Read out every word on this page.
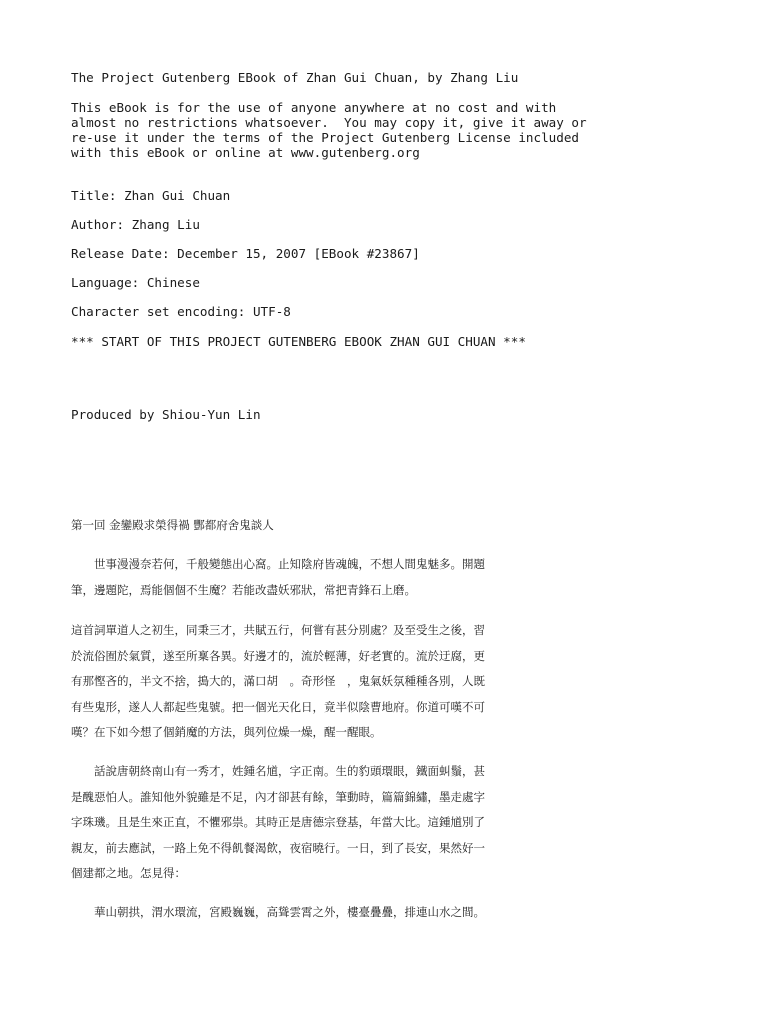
The Project Gutenberg EBook of Zhan Gui Chuan, by Zhang Liu
This eBook is for the use of anyone anywhere at no cost and with
almost no restrictions whatsoever.  You may copy it, give it away or
re-use it under the terms of the Project Gutenberg License included
with this eBook or online at www.gutenberg.org
Title: Zhan Gui Chuan
Author: Zhang Liu
Release Date: December 15, 2007 [EBook #23867]
Language: Chinese
Character set encoding: UTF-8
*** START OF THIS PROJECT GUTENBERG EBOOK ZHAN GUI CHUAN ***
Produced by Shiou-Yun Lin
第一回 金鑾殿求榮得禍 酆都府舍鬼談人
　　世事漫漫奈若何，千般變態出心窩。止知陰府皆魂魄，不想人間鬼魅多。開題
筆，邊題陀，焉能個個不生魔？若能改盡妖邪狀，常把青鋒石上磨。
這首詞單道人之初生，同秉三才，共賦五行，何嘗有甚分別處？及至受生之後，習
於流俗囿於氣質，遂至所稟各異。好邊才的，流於輕薄，好老實的。流於迂腐，更
有那慳吝的，半文不捨，搗大的，滿口胡　。奇形怪　，鬼氣妖氛種種各別，人既
有些鬼形，遂人人都起些鬼號。把一個光天化日，竟半似陰曹地府。你道可嘆不可
嘆？在下如今想了個銷魔的方法，與列位燥一燥，醒一醒眼。
　　話說唐朝終南山有一秀才，姓鍾名馗，字正南。生的豹頭環眼，鐵面虯鬚，甚
是醜惡怕人。誰知他外貌雖是不足，內才卻甚有餘，筆動時，篇篇錦繡，墨走處字
字珠璣。且是生來正直，不懼邪祟。其時正是唐德宗登基，年當大比。這鍾馗別了
親友，前去應試，一路上免不得飢餐渴飲，夜宿曉行。一日，到了長安，果然好一
個建都之地。怎見得：
　　華山朝拱，渭水環流，宮殿巍巍，高聳雲霄之外，樓臺疊疊，排連山水之間。
